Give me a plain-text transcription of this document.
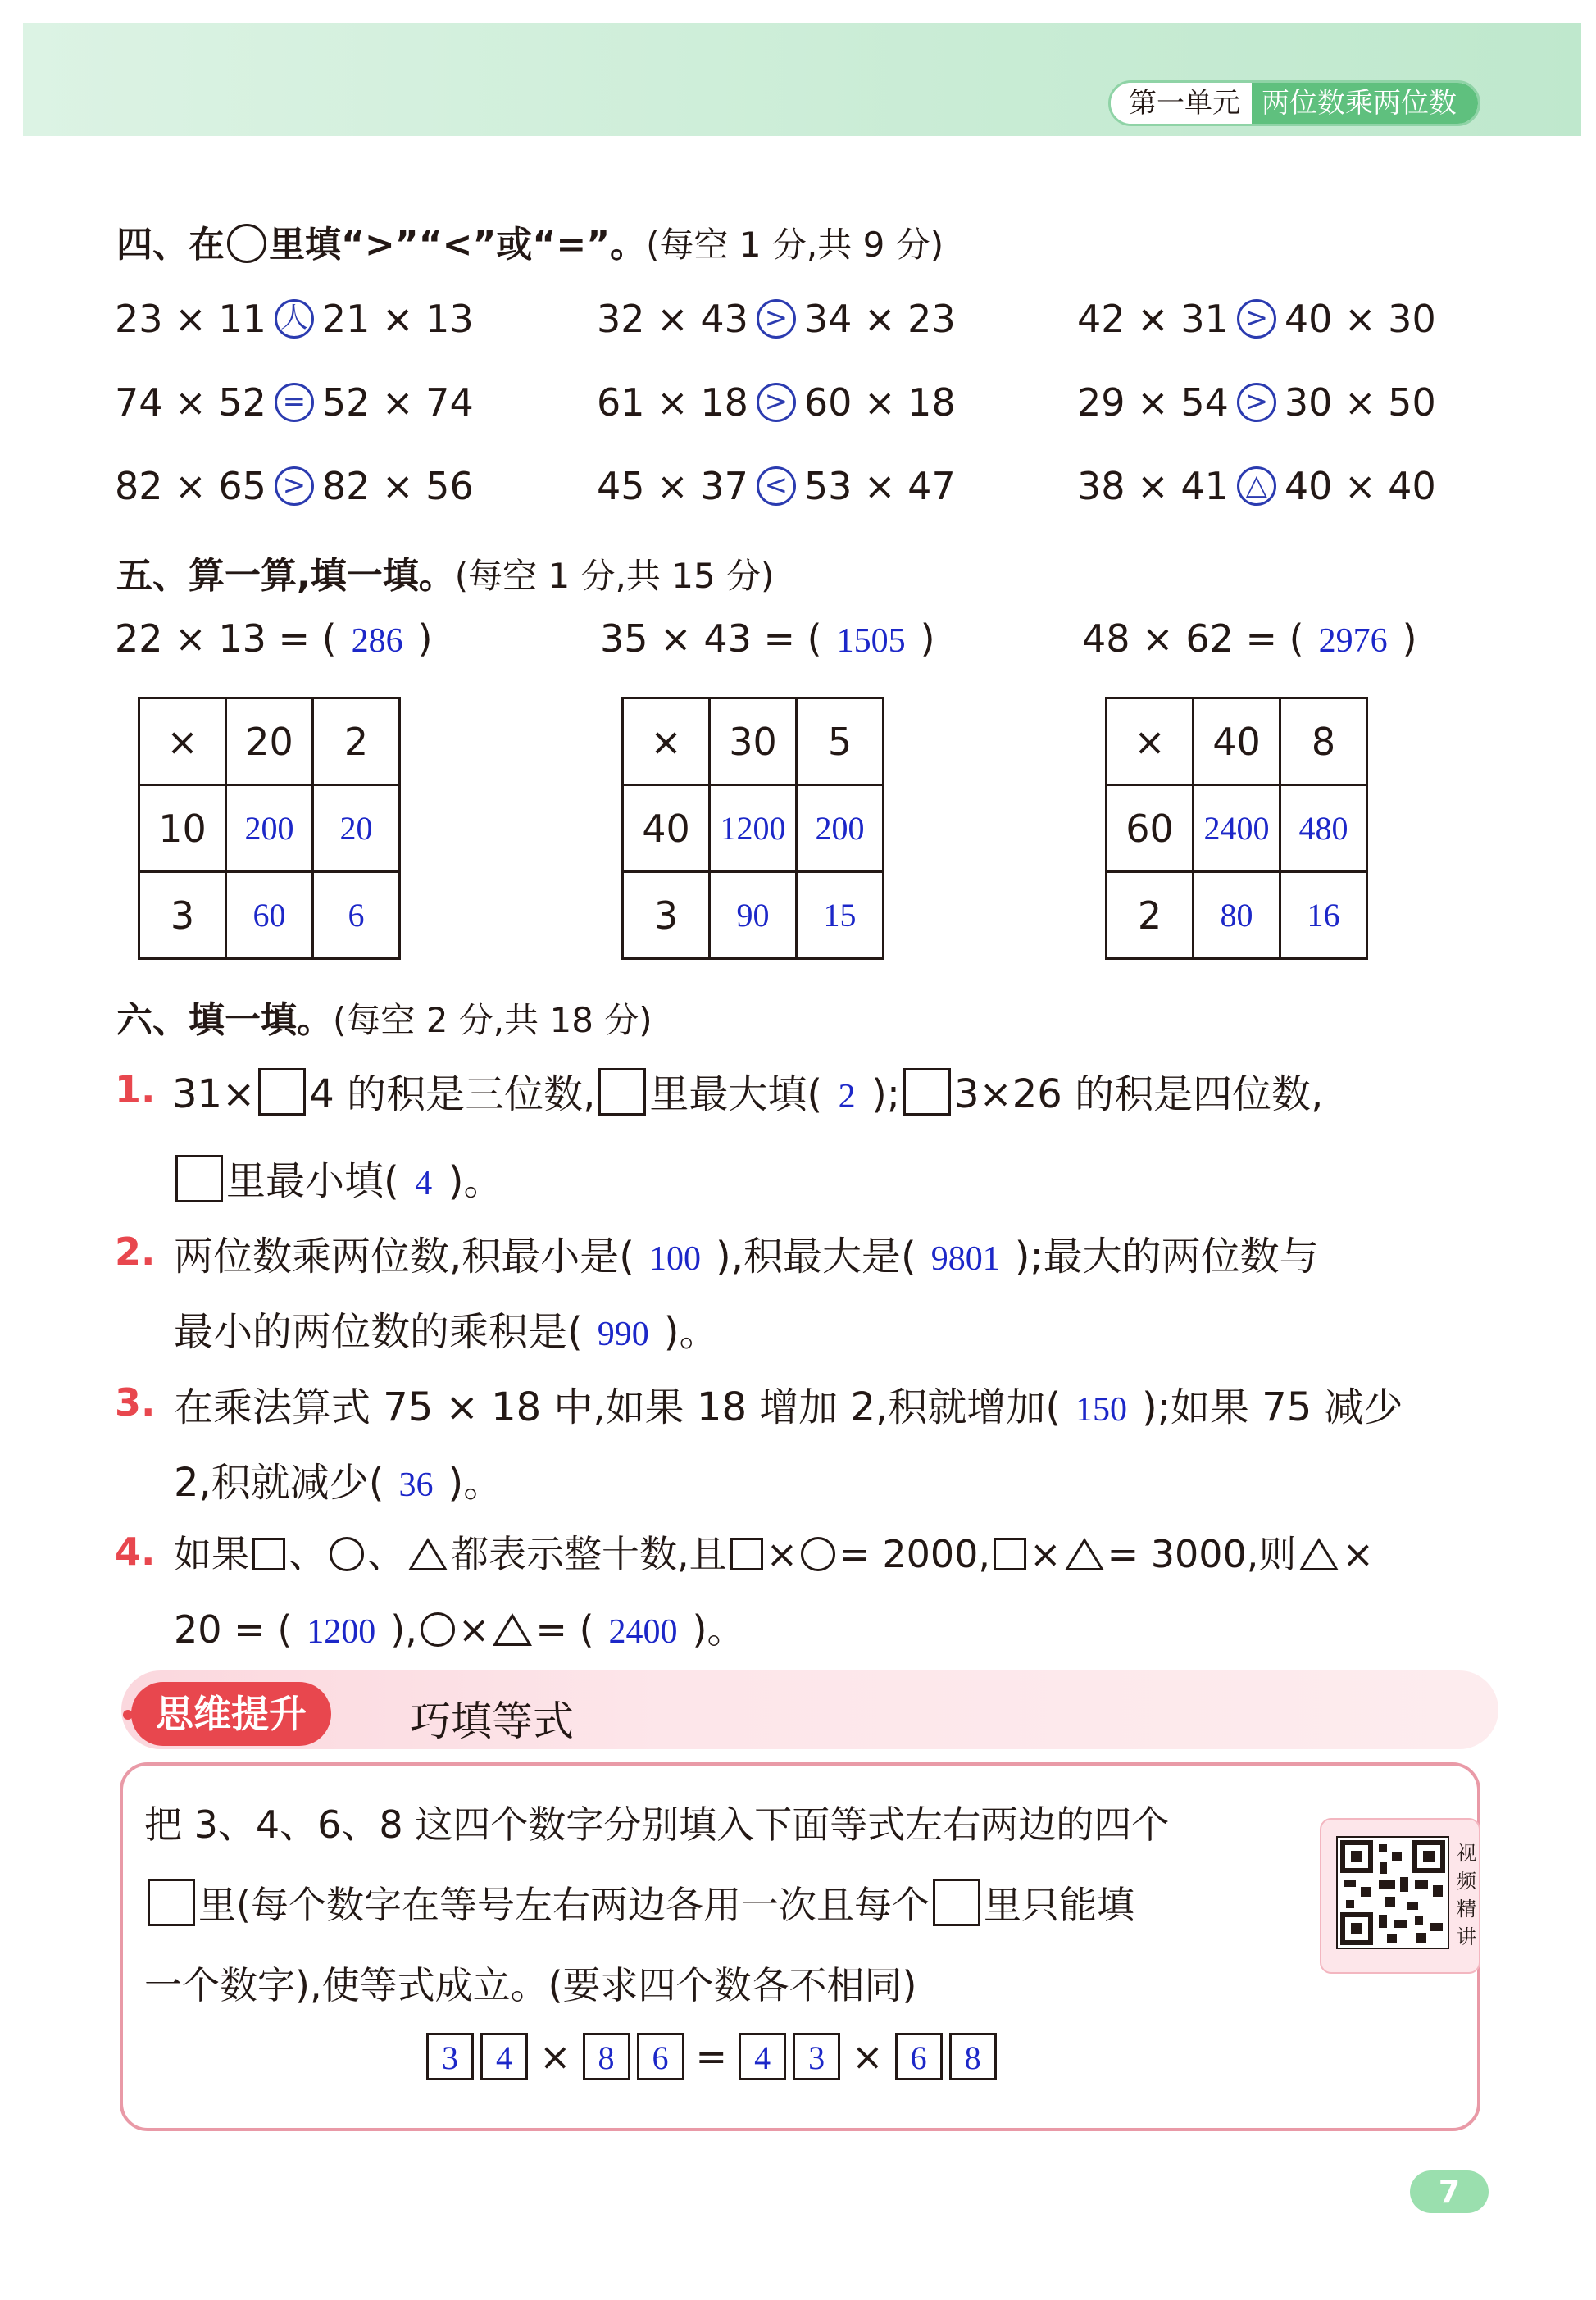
第一单元 两位数乘两位数
四、在 里填“>”“<”或“=”。(每空 1 分,共 9 分)
23 × 11 人 21 × 13	32 × 43 > 34 × 23	42 × 31 > 40 × 30
74 × 52 = 52 × 74	61 × 18 > 60 × 18	29 × 54 > 30 × 50
82 × 65 > 82 × 56	45 × 37 < 53 × 47	38 × 41 △ 40 × 40
五、算一算,填一填。(每空 1 分,共 15 分)
22 × 13 = ( 286 )	35 × 43 = ( 1505 )	48 × 62 = ( 2976 )
×	20	2
10	200	20
3	60	6
×	30	5
40	1200	200
3	90	15
×	40	8
60	2400	480
2	80	16
六、填一填。(每空 2 分,共 18 分)
1. 31× 4 的积是三位数, 里最大填( 2 ); 3×26 的积是四位数,
里最小填( 4 )。
2. 两位数乘两位数,积最小是( 100 ),积最大是( 9801 );最大的两位数与
最小的两位数的乘积是( 990 )。
3. 在乘法算式 75 × 18 中,如果 18 增加 2,积就增加( 150 );如果 75 减少
2,积就减少( 36 )。
4. 如果 、 、 都表示整十数,且 × = 2000, × = 3000,则 ×
20 = ( 1200 ), × = ( 2400 )。
思维提升	巧填等式
把 3、4、6、8 这四个数字分别填入下面等式左右两边的四个
里(每个数字在等号左右两边各用一次且每个 里只能填
一个数字),使等式成立。(要求四个数各不相同)
视
频
精
讲
3	4 × 8	6 = 4	3 × 6	8
7
